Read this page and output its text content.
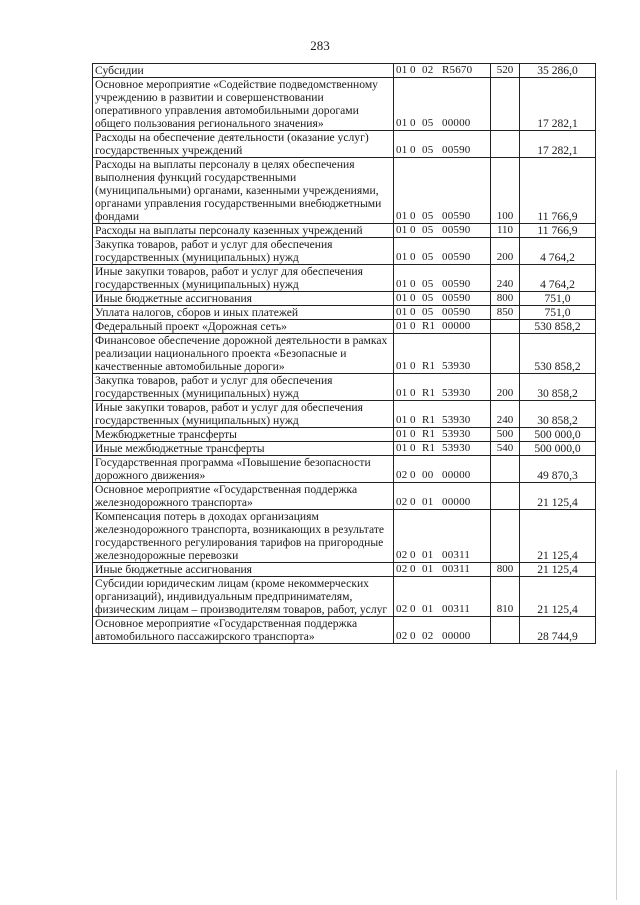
283
Субсидии	01 0 02 R5670	520	35 286,0
Основное мероприятие «Содействие подведомственному учреждению в развитии и совершенствовании оперативного управления автомобильными дорогами общего пользования регионального значения»	01 0 05 00000		17 282,1
Расходы на обеспечение деятельности (оказание услуг) государственных учреждений	01 0 05 00590		17 282,1
Расходы на выплаты персоналу в целях обеспечения выполнения функций государственными (муниципальными) органами, казенными учреждениями, органами управления государственными внебюджетными фондами	01 0 05 00590	100	11 766,9
Расходы на выплаты персоналу казенных учреждений	01 0 05 00590	110	11 766,9
Закупка товаров, работ и услуг для обеспечения государственных (муниципальных) нужд	01 0 05 00590	200	4 764,2
Иные закупки товаров, работ и услуг для обеспечения государственных (муниципальных) нужд	01 0 05 00590	240	4 764,2
Иные бюджетные ассигнования	01 0 05 00590	800	751,0
Уплата налогов, сборов и иных платежей	01 0 05 00590	850	751,0
Федеральный проект «Дорожная сеть»	01 0 R1 00000		530 858,2
Финансовое обеспечение дорожной деятельности в рамках реализации национального проекта «Безопасные и качественные автомобильные дороги»	01 0 R1 53930		530 858,2
Закупка товаров, работ и услуг для обеспечения государственных (муниципальных) нужд	01 0 R1 53930	200	30 858,2
Иные закупки товаров, работ и услуг для обеспечения государственных (муниципальных) нужд	01 0 R1 53930	240	30 858,2
Межбюджетные трансферты	01 0 R1 53930	500	500 000,0
Иные межбюджетные трансферты	01 0 R1 53930	540	500 000,0
Государственная программа «Повышение безопасности дорожного движения»	02 0 00 00000		49 870,3
Основное мероприятие «Государственная поддержка железнодорожного транспорта»	02 0 01 00000		21 125,4
Компенсация потерь в доходах организациям железнодорожного транспорта, возникающих в результате государственного регулирования тарифов на пригородные железнодорожные перевозки	02 0 01 00311		21 125,4
Иные бюджетные ассигнования	02 0 01 00311	800	21 125,4
Субсидии юридическим лицам (кроме некоммерческих организаций), индивидуальным предпринимателям, физическим лицам – производителям товаров, работ, услуг	02 0 01 00311	810	21 125,4
Основное мероприятие «Государственная поддержка автомобильного пассажирского транспорта»	02 0 02 00000		28 744,9
